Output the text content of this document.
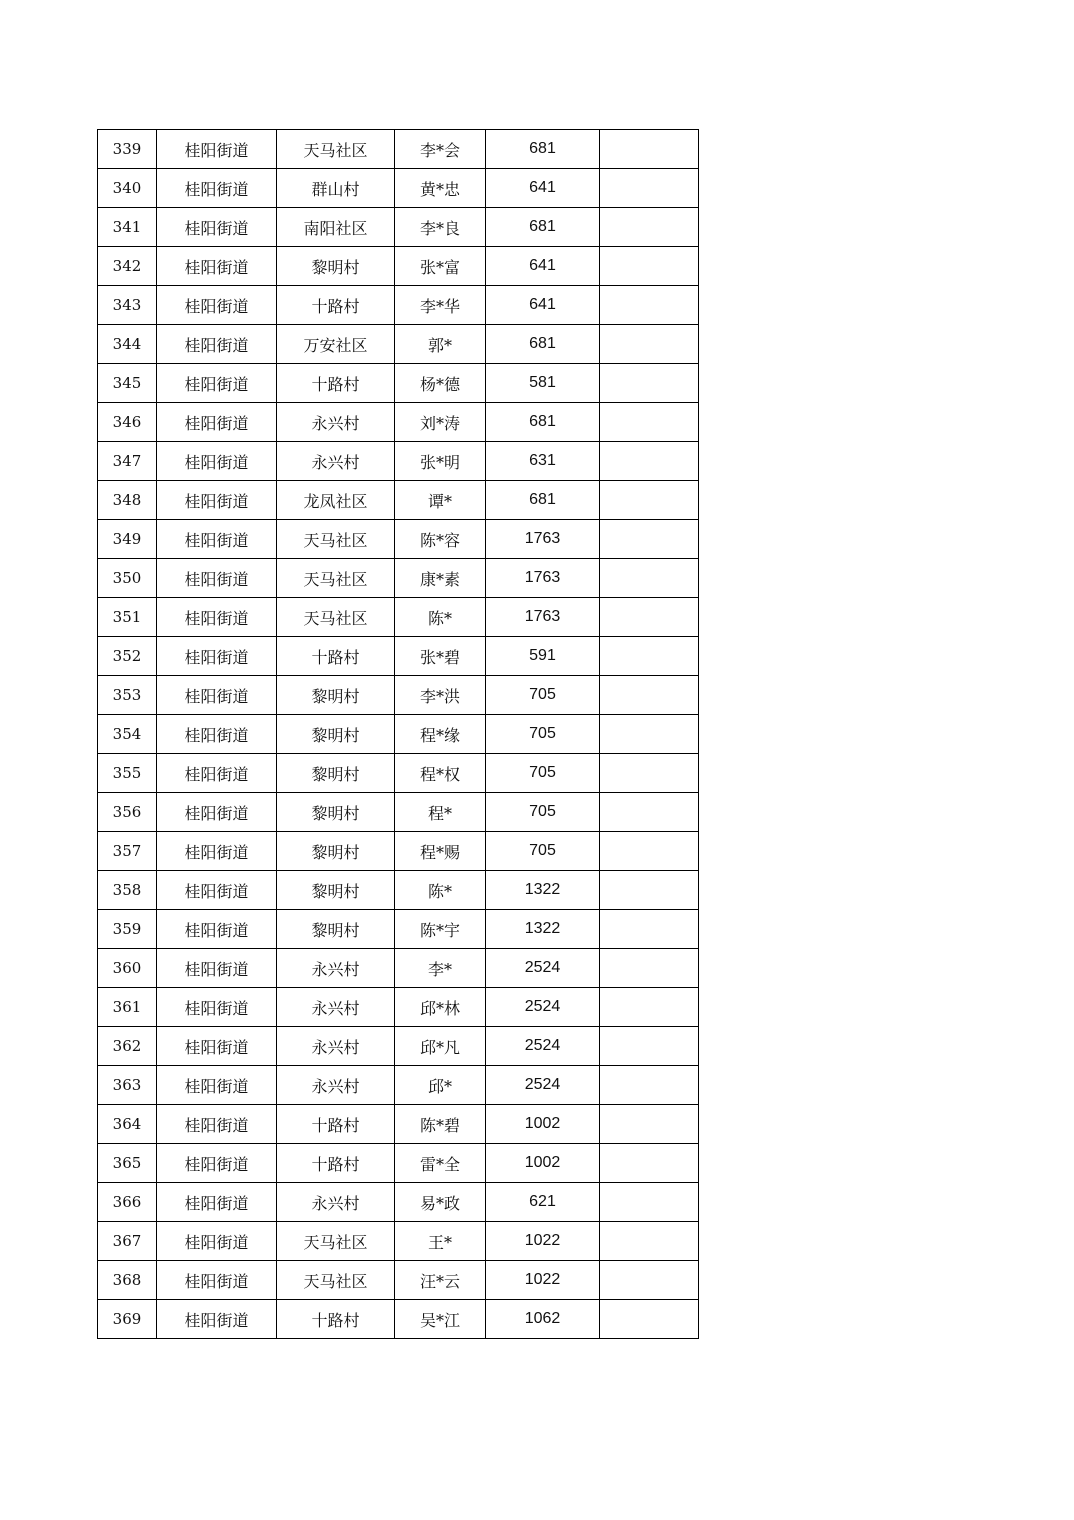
339	桂阳街道	天马社区	李*会	681	
340	桂阳街道	群山村	黄*忠	641	
341	桂阳街道	南阳社区	李*良	681	
342	桂阳街道	黎明村	张*富	641	
343	桂阳街道	十路村	李*华	641	
344	桂阳街道	万安社区	郭*	681	
345	桂阳街道	十路村	杨*德	581	
346	桂阳街道	永兴村	刘*涛	681	
347	桂阳街道	永兴村	张*明	631	
348	桂阳街道	龙凤社区	谭*	681	
349	桂阳街道	天马社区	陈*容	1763	
350	桂阳街道	天马社区	康*素	1763	
351	桂阳街道	天马社区	陈*	1763	
352	桂阳街道	十路村	张*碧	591	
353	桂阳街道	黎明村	李*洪	705	
354	桂阳街道	黎明村	程*缘	705	
355	桂阳街道	黎明村	程*权	705	
356	桂阳街道	黎明村	程*	705	
357	桂阳街道	黎明村	程*赐	705	
358	桂阳街道	黎明村	陈*	1322	
359	桂阳街道	黎明村	陈*宇	1322	
360	桂阳街道	永兴村	李*	2524	
361	桂阳街道	永兴村	邱*林	2524	
362	桂阳街道	永兴村	邱*凡	2524	
363	桂阳街道	永兴村	邱*	2524	
364	桂阳街道	十路村	陈*碧	1002	
365	桂阳街道	十路村	雷*全	1002	
366	桂阳街道	永兴村	易*政	621	
367	桂阳街道	天马社区	王*	1022	
368	桂阳街道	天马社区	汪*云	1022	
369	桂阳街道	十路村	吴*江	1062	
